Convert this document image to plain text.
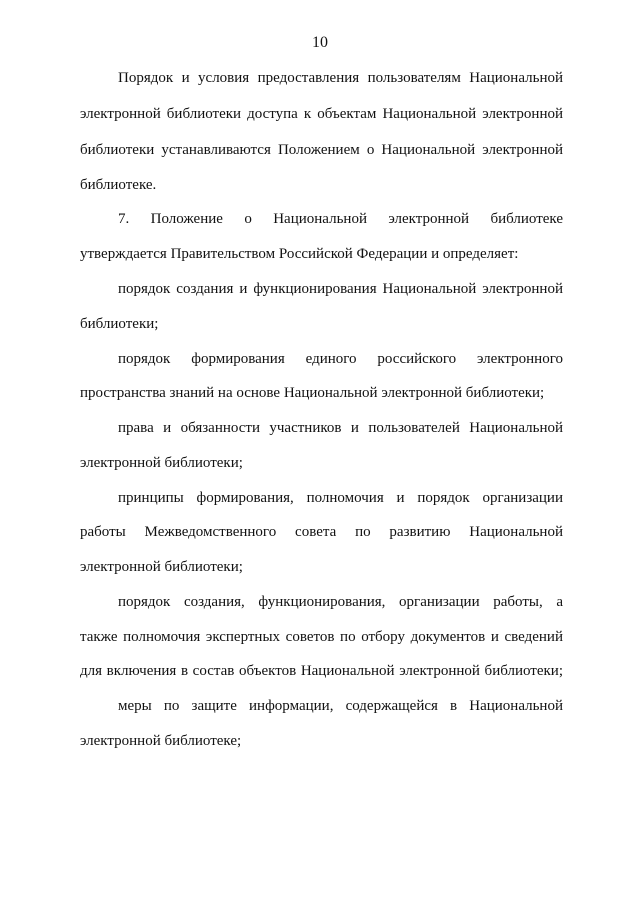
10
Порядок и условия предоставления пользователям Национальной
электронной библиотеки доступа к объектам Национальной электронной
библиотеки устанавливаются Положением о Национальной электронной
библиотеке.
7. Положение о Национальной электронной библиотеке
утверждается Правительством Российской Федерации и определяет:
порядок создания и функционирования Национальной электронной
библиотеки;
порядок формирования единого российского электронного
пространства знаний на основе Национальной электронной библиотеки;
права и обязанности участников и пользователей Национальной
электронной библиотеки;
принципы формирования, полномочия и порядок организации
работы Межведомственного совета по развитию Национальной
электронной библиотеки;
порядок создания, функционирования, организации работы, а
также полномочия экспертных советов по отбору документов и сведений
для включения в состав объектов Национальной электронной библиотеки;
меры по защите информации, содержащейся в Национальной
электронной библиотеке;
